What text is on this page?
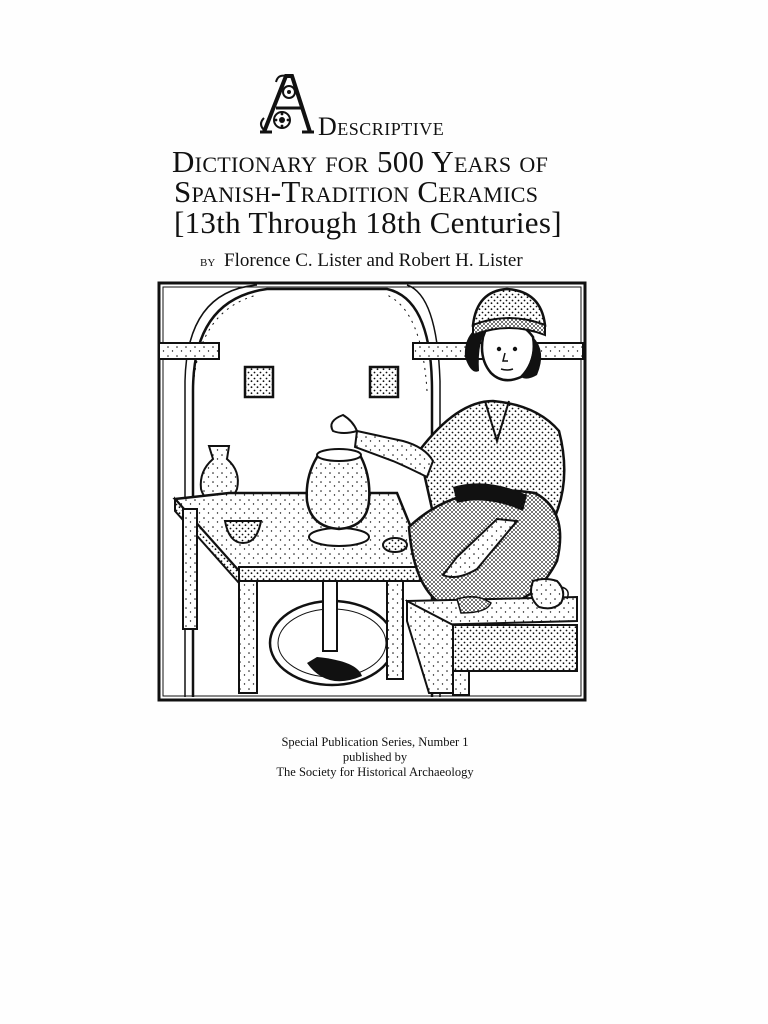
Descriptive
Dictionary for 500 Years of
Spanish-Tradition Ceramics
[13th Through 18th Centuries]
by Florence C. Lister and Robert H. Lister
Special Publication Series, Number 1
published by
The Society for Historical Archaeology
